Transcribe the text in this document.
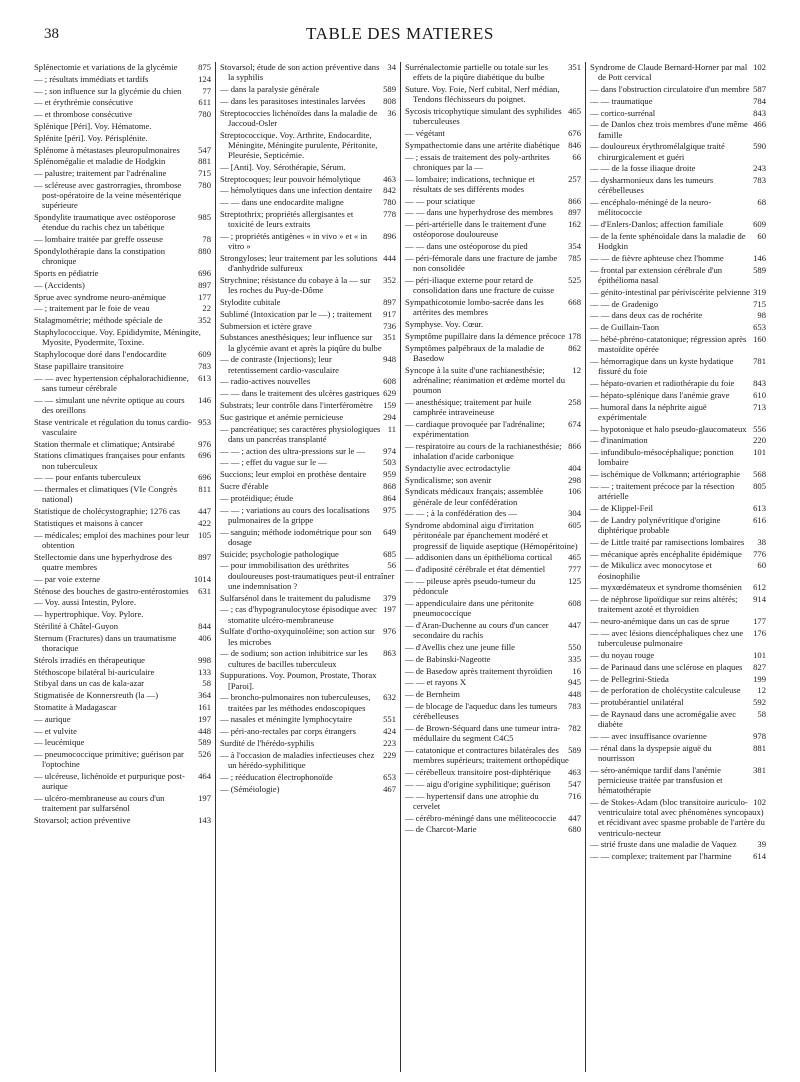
38	TABLE DES MATIERES
875
Splénectomie et variations de la glycémie
124
— ; résultats immédiats et tardifs
77
— ; son influence sur la glycémie du chien
611
— et érythrémie consécutive
780
— et thrombose consécutive
Splénique [Péri]. Voy. Hématome.
Splénite [péri]. Voy. Périsplénite.
547
Splénome à métastases pleuropulmonaires
881
Splénomégalie et maladie de Hodgkin
715
— palustre; traitement par l'adrénaline
780
— scléreuse avec gastrorragies, thrombose post-opératoire de la veine mésentérique supérieure
985
Spondylite traumatique avec ostéoporose étendue du rachis chez un tabétique
78
— lombaire traitée par greffe osseuse
880
Spondylothérapie dans la constipation chronique
696
Sports en pédiatrie
897
— (Accidents)
177
Sprue avec syndrome neuro-anémique
22
— ; traitement par le foie de veau
352
Stalagmométrie; méthode spéciale de
Staphylococcique. Voy. Epididymite, Méningite, Myosite, Pyodermite, Toxine.
609
Staphylocoque doré dans l'endocardite
783
Stase papillaire transitoire
613
— — avec hypertension céphalorachidienne, sans tumeur cérébrale
146
— — simulant une névrite optique au cours des oreillons
953
Stase ventricale et régulation du tonus cardio-vasculaire
976
Station thermale et climatique; Antsirabé
696
Stations climatiques françaises pour enfants non tuberculeux
696
— — pour enfants tuberculeux
811
— thermales et climatiques (VIe Congrès national)
447
Statistique de cholécystographie; 1276 cas
422
Statistiques et maisons à cancer
105
— médicales; emploi des machines pour leur obtention
897
Stellectomie dans une hyperhydrose des quatre membres
1014
— par voie externe
631
Sténose des bouches de gastro-entérostomies
— Voy. aussi Intestin, Pylore.
— hypertrophique. Voy. Pylore.
844
Stérilité à Châtel-Guyon
406
Sternum (Fractures) dans un traumatisme thoracique
998
Stérols irradiés en thérapeutique
133
Stéthoscope bilatéral bi-auriculaire
58
Stibyal dans un cas de kala-azar
364
Stigmatisée de Konnersreuth (la —)
161
Stomatite à Madagascar
197
— aurique
448
— et vulvite
589
— leucémique
526
— pneumococcique primitive; guérison par l'optochine
464
— ulcéreuse, lichénoïde et purpurique post-aurique
197
— ulcéro-membraneuse au cours d'un traitement par sulfarsénol
143
Stovarsol; action préventive
34
Stovarsol; étude de son action préventive dans la syphilis
589
— dans la paralysie générale
808
— dans les parasitoses intestinales larvées
36
Streptococcies lichénoïdes dans la maladie de Jaccoud-Osler
Streptococcique. Voy. Arthrite, Endocardite, Méningite, Méningite purulente, Péritonite, Pleurésie, Septicémie.
— [Anti]. Voy. Sérothérapie, Sérum.
463
Streptocoques; leur pouvoir hémolytique
842
— hémolytiques dans une infection dentaire
780
— — dans une endocardite maligne
778
Streptothrix; propriétés allergisantes et toxicité de leurs extraits
896
— ; propriétés antigènes « in vivo » et « in vitro »
444
Strongyloses; leur traitement par les solutions d'anhydride sulfureux
352
Strychnine; résistance du cobaye à la — sur les roches du Puy-de-Dôme
897
Stylodite cubitale
917
Sublimé (Intoxication par le —) ; traitement
736
Submersion et ictère grave
351
Substances anesthésiques; leur influence sur la glycémie avant et après la piqûre du bulbe
948
— de contraste (Injections); leur retentissement cardio-vasculaire
608
— radio-actives nouvelles
629
— — dans le traitement des ulcères gastriques
159
Substrats; leur contrôle dans l'interféromètre
294
Suc gastrique et anémie pernicieuse
11
— pancréatique; ses caractères physiologiques dans un pancréas transplanté
974
— — ; action des ultra-pressions sur le —
503
— — ; effet du vague sur le —
959
Succions; leur emploi en prothèse dentaire
868
Sucre d'érable
864
— protéidique; étude
975
— — ; variations au cours des localisations pulmonaires de la grippe
649
— sanguin; méthode iodométrique pour son dosage
685
Suicide; psychologie pathologique
56
— pour immobilisation des uréthrites douloureuses post-traumatiques peut-il entraîner une indemnisation ?
379
Sulfarsénol dans le traitement du paludisme
197
— ; cas d'hypogranulocytose épisodique avec stomatite ulcéro-membraneuse
976
Sulfate d'ortho-oxyquinoléine; son action sur les microbes
863
— de sodium; son action inhibitrice sur les cultures de bacilles tuberculeux
Suppurations. Voy. Poumon, Prostate, Thorax [Paroi].
632
— broncho-pulmonaires non tuberculeuses, traitées par les méthodes endoscopiques
551
— nasales et méningite lymphocytaire
424
— péri-ano-rectales par corps étrangers
223
Surdité de l'hérédo-syphilis
229
— à l'occasion de maladies infectieuses chez un hérédo-syphilitique
653
— ; rééducation électrophonoïde
467
— (Séméiologie)
351
Surrénalectomie partielle ou totale sur les effets de la piqûre diabétique du bulbe
Suture. Voy. Foie, Nerf cubital, Nerf médian, Tendons fléchisseurs du poignet.
465
Sycosis tricophytique simulant des syphilides tuberculeuses
676
— végétant
846
Sympathectomie dans une artérite diabétique
66
— ; essais de traitement des poly-arthrites chroniques par la —
257
— lombaire; indications, technique et résultats de ses différents modes
866
— — pour sciatique
897
— — dans une hyperhydrose des membres
162
— péri-artérielle dans le traitement d'une ostéoporose douloureuse
354
— — dans une ostéoporose du pied
785
— péri-fémorale dans une fracture de jambe non consolidée
525
— péri-iliaque externe pour retard de consolidation dans une fracture de cuisse
668
Sympathicotomie lombo-sacrée dans les artérites des membres
Symphyse. Voy. Cœur.
178
Symptôme pupillaire dans la démence précoce
862
Symptômes palpébraux de la maladie de Basedow
12
Syncope à la suite d'une rachianesthésie; adrénaline; réanimation et œdème mortel du poumon
258
— anesthésique; traitement par huile camphrée intraveineuse
674
— cardiaque provoquée par l'adrénaline; expérimentation
866
— respiratoire au cours de la rachianesthésie; inhalation d'acide carbonique
404
Syndactylie avec ectrodactylie
298
Syndicalisme; son avenir
106
Syndicats médicaux français; assemblée générale de leur confédération
304
— — ; à la confédération des —
605
Syndrome abdominal aigu d'irritation péritonéale par épanchement modéré et progressif de liquide aseptique (Hémopéritoine)
465
— addisonien dans un épithélioma cortical
777
— d'adiposité cérébrale et état démentiel
125
— — pileuse après pseudo-tumeur du pédoncule
608
— appendiculaire dans une péritonite pneumococcique
447
— d'Aran-Duchenne au cours d'un cancer secondaire du rachis
550
— d'Avellis chez une jeune fille
335
— de Babinski-Nageotte
16
— de Basedow après traitement thyroïdien
945
— — et rayons X
448
— de Bernheim
783
— de blocage de l'aqueduc dans les tumeurs cérébelleuses
782
— de Brown-Séquard dans une tumeur intra-médullaire du segment C4C5
589
— catatonique et contractures bilatérales des membres supérieurs; traitement orthopédique
463
— cérébelleux transitoire post-diphtérique
547
— — aigu d'origine syphilitique; guérison
716
— — hypertensif dans une atrophie du cervelet
447
— cérébro-méningé dans une méliteococcie
680
— de Charcot-Marie
102
Syndrome de Claude Bernard-Horner par mal de Pott cervical
587
— dans l'obstruction circulatoire d'un membre
784
— — traumatique
843
— cortico-surrénal
466
— de Danlos chez trois membres d'une même famille
590
— douloureux érythromélalgique traité chirurgicalement et guéri
243
— — de la fosse iliaque droite
783
— dysharmonieux dans les tumeurs cérébelleuses
68
— encéphalo-méningé de la neuro-mélitococcie
609
— d'Enlers-Danlos; affection familiale
60
— de la fente sphénoïdale dans la maladie de Hodgkin
146
— — de fièvre aphteuse chez l'homme
589
— frontal par extension cérébrale d'un épithélioma nasal
319
— génito-intestinal par périviscérite pelvienne
715
— — de Gradenigo
98
— — dans deux cas de rochérite
653
— de Guillain-Taon
160
— hébé-phréno-catatonique; régression après mastoïdite opérée
781
— hémorragique dans un kyste hydatique fissuré du foie
843
— hépato-ovarien et radiothérapie du foie
610
— hépato-splénique dans l'anémie grave
713
— humoral dans la néphrite aiguë expérimentale
556
— hypotonique et halo pseudo-glaucomateux
220
— d'inanimation
101
— infundibulo-mésocéphalique; ponction lombaire
568
— ischémique de Volkmann; artériographie
805
— — ; traitement précoce par la résection artérielle
613
— de Klippel-Feil
616
— de Landry polynévritique d'origine diphtérique probable
38
— de Little traité par ramisections lombaires
776
— mécanique après encéphalite épidémique
60
— de Mikulicz avec monocytose et éosinophilie
612
— myxœdémateux et syndrome thomsénien
914
— de néphrose lipoïdique sur reins altérés; traitement azoté et thyroïdien
177
— neuro-anémique dans un cas de sprue
176
— — avec lésions diencéphaliques chez une tuberculeuse pulmonaire
101
— du noyau rouge
827
— de Parinaud dans une sclérose en plaques
199
— de Pellegrini-Stieda
12
— de perforation de cholécystite calculeuse
592
— protubérantiel unilatéral
58
— de Raynaud dans une acromégalie avec diabète
978
— — avec insuffisance ovarienne
881
— rénal dans la dyspepsie aiguë du nourrisson
381
— séro-anémique tardif dans l'anémie pernicieuse traitée par transfusion et hématothérapie
102
— de Stokes-Adam (bloc transitoire auriculo-ventriculaire total avec phénomènes syncopaux) et récidivant avec spasme probable de l'artère du ventriculo-necteur
39
— strié fruste dans une maladie de Vaquez
614
— — complexe; traitement par l'harmine
